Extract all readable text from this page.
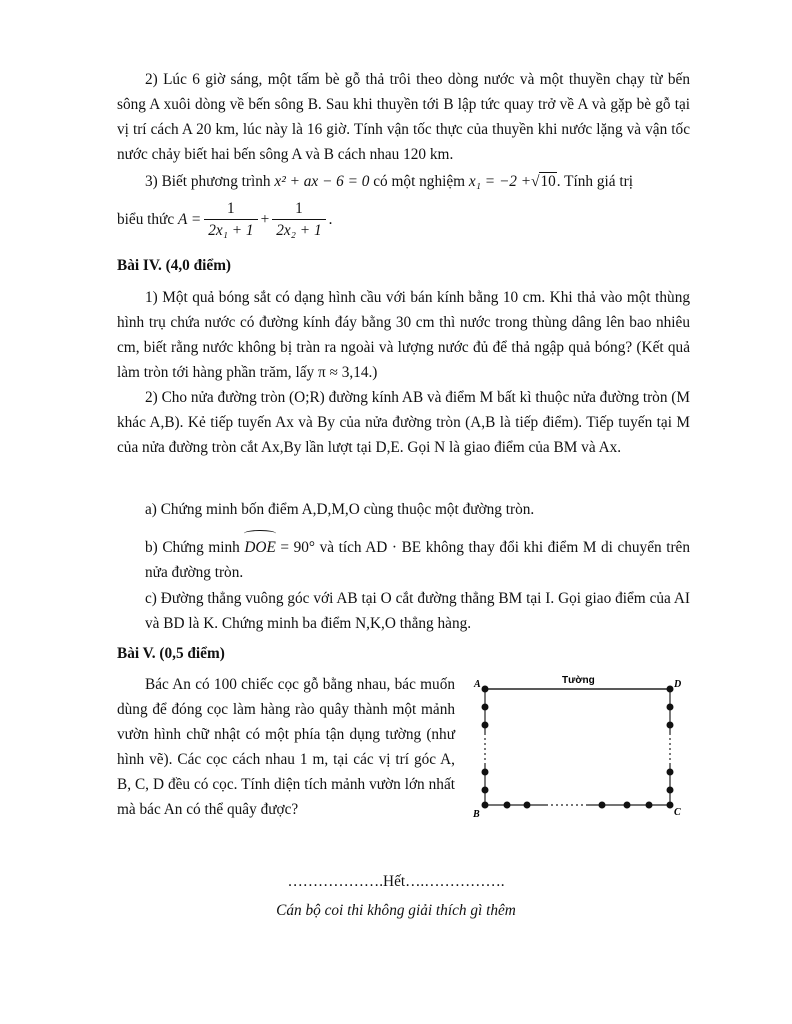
2) Lúc 6 giờ sáng, một tấm bè gỗ thả trôi theo dòng nước và một thuyền chạy từ bến sông A xuôi dòng về bến sông B. Sau khi thuyền tới B lập tức quay trở về A và gặp bè gỗ tại vị trí cách A 20 km, lúc này là 16 giờ. Tính vận tốc thực của thuyền khi nước lặng và vận tốc nước chảy biết hai bến sông A và B cách nhau 120 km.
3) Biết phương trình x² + ax − 6 = 0 có một nghiệm x₁ = −2 +√10. Tính giá trị
biểu thức
$A = \frac{1}{\text{2x₁ + 1}} + \frac{1}{\text{2x₂ + 1}}$ .
Bài IV. (4,0 điểm)
1) Một quả bóng sắt có dạng hình cầu với bán kính bằng 10 cm. Khi thả vào một thùng hình trụ chứa nước có đường kính đáy bằng 30 cm thì nước trong thùng dâng lên bao nhiêu cm, biết rằng nước không bị tràn ra ngoài và lượng nước đủ để thả ngập quả bóng? (Kết quả làm tròn tới hàng phần trăm, lấy π ≈ 3,14.)
2) Cho nửa đường tròn (O;R) đường kính AB và điểm M bất kì thuộc nửa đường tròn (M khác A,B). Kẻ tiếp tuyến Ax và By của nửa đường tròn (A,B là tiếp điểm). Tiếp tuyến tại M của nửa đường tròn cắt Ax,By lần lượt tại D,E. Gọi N là giao điểm của BM và Ax.
a) Chứng minh bốn điểm A,D,M,O cùng thuộc một đường tròn.
b) Chứng minh DOE = 90° và tích AD · BE không thay đổi khi điểm M di chuyển trên nửa đường tròn.
c) Đường thẳng vuông góc với AB tại O cắt đường thẳng BM tại I. Gọi giao điểm của AI và BD là K. Chứng minh ba điểm N,K,O thẳng hàng.
Bài V. (0,5 điểm)
Bác An có 100 chiếc cọc gỗ bằng nhau, bác muốn dùng để đóng cọc làm hàng rào quây thành một mảnh vườn hình chữ nhật có một phía tận dụng tường (như hình vẽ). Các cọc cách nhau 1 m, tại các vị trí góc A, B, C, D đều có cọc. Tính diện tích mảnh vườn lớn nhất mà bác An có thể quây được?
A	D
B	C
Tường
……………….Hết….…………….
Cán bộ coi thi không giải thích gì thêm
